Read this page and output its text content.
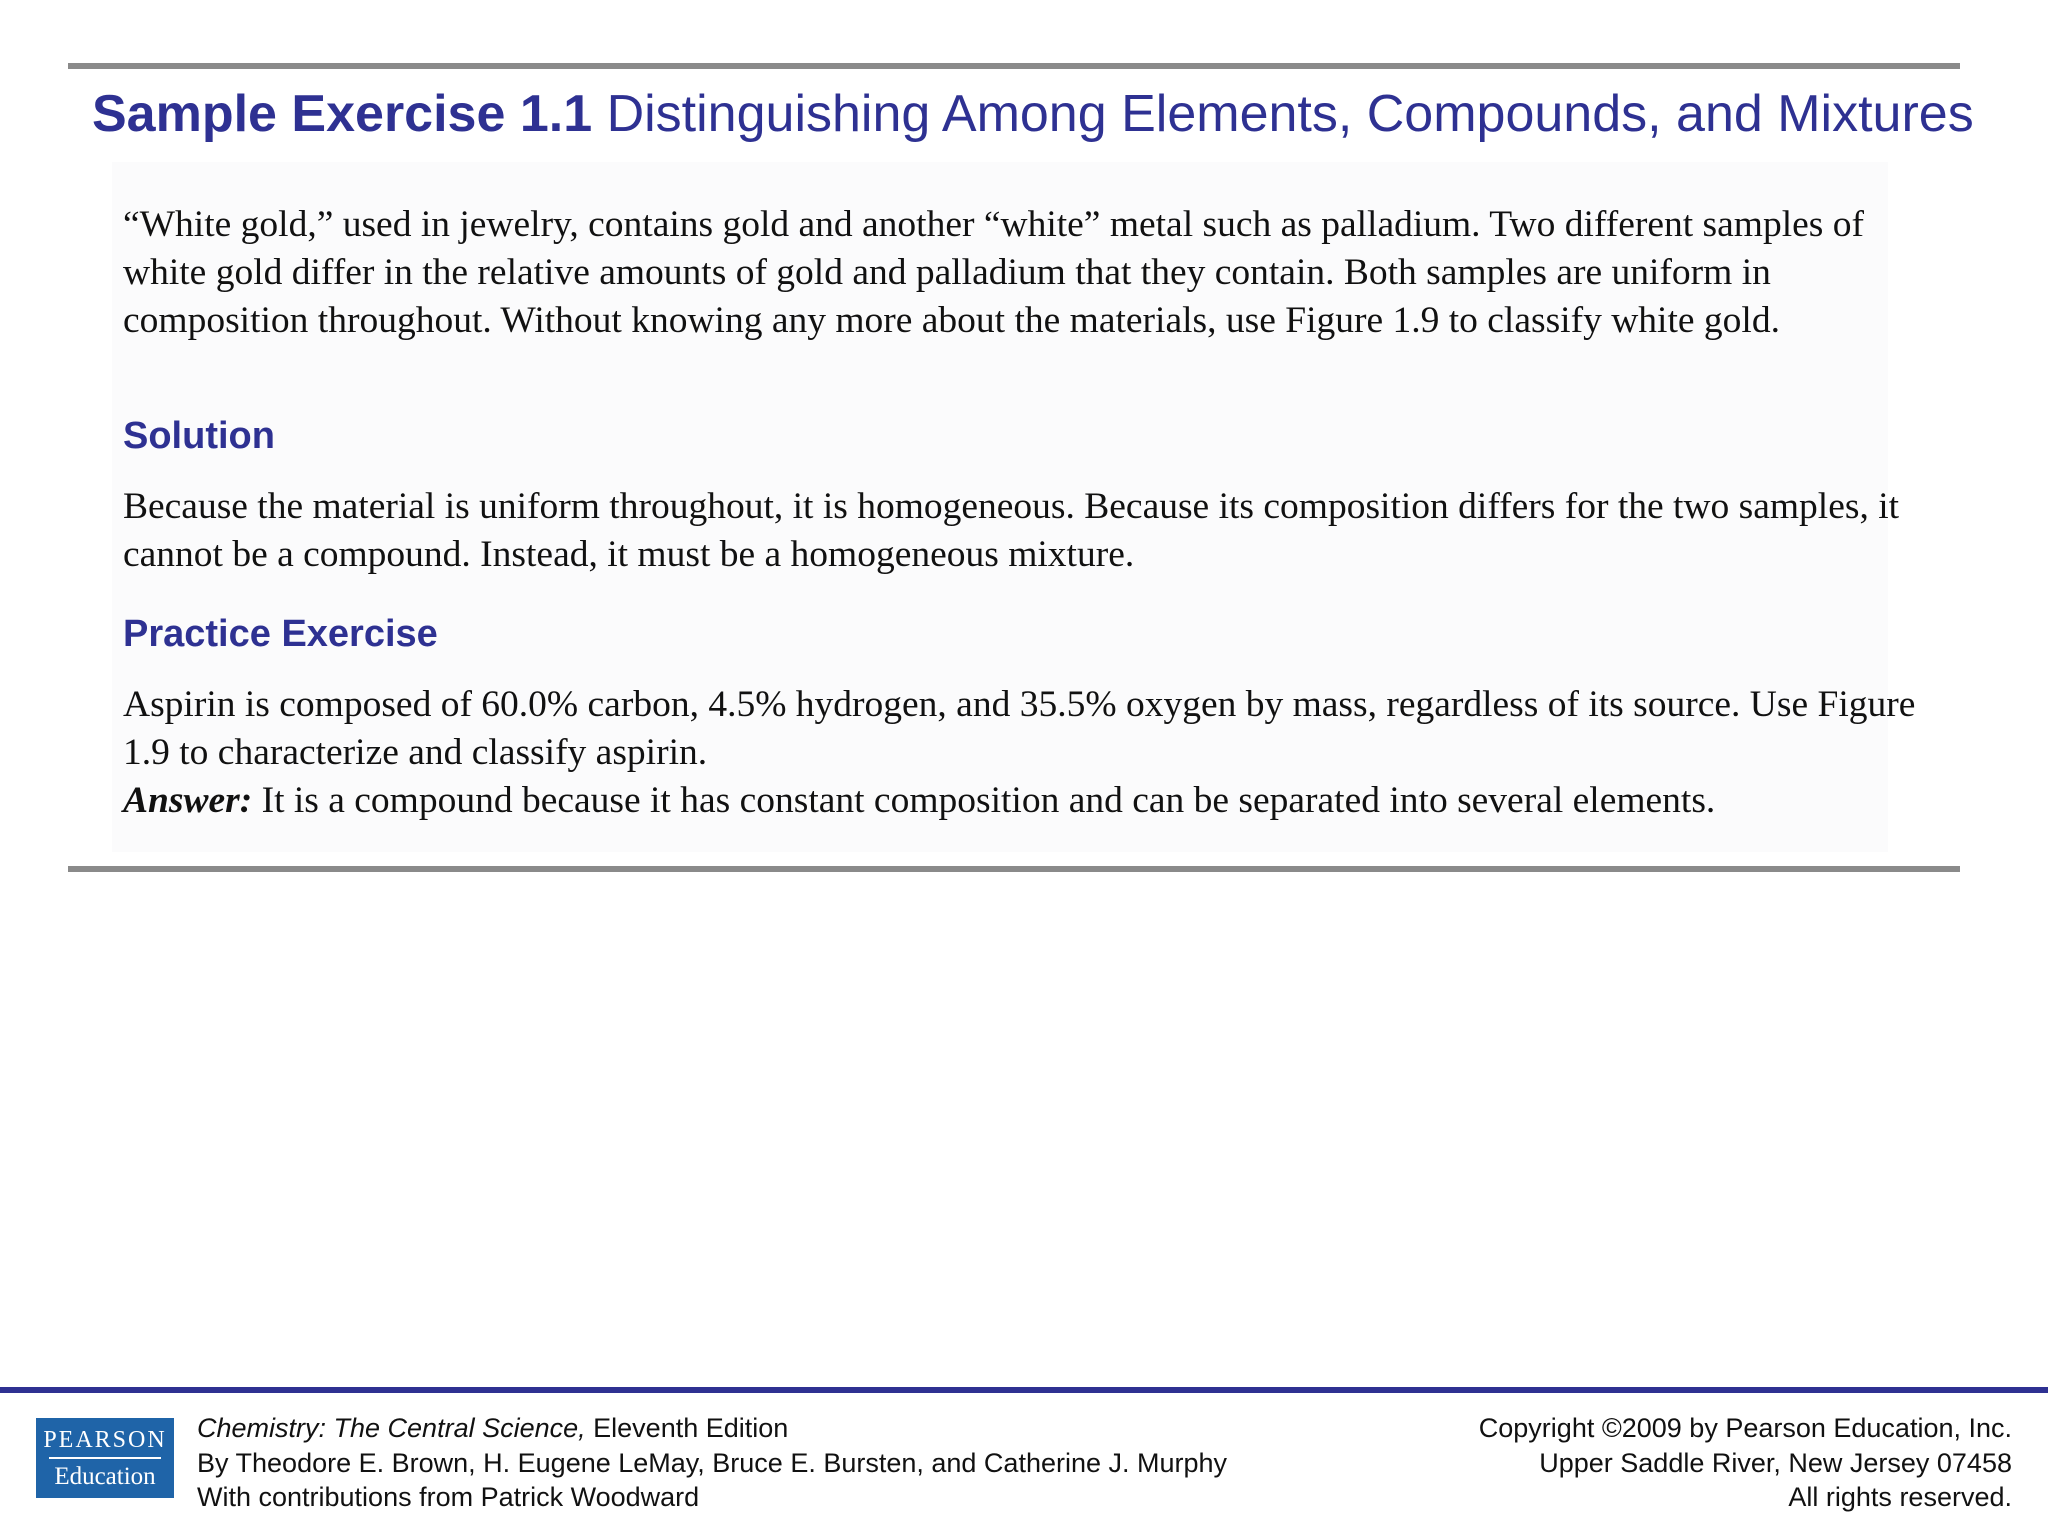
Sample Exercise 1.1 Distinguishing Among Elements, Compounds, and Mixtures

“White gold,” used in jewelry, contains gold and another “white” metal such as palladium. Two different samples of white gold differ in the relative amounts of gold and palladium that they contain. Both samples are uniform in composition throughout. Without knowing any more about the materials, use Figure 1.9 to classify white gold.

Solution

Because the material is uniform throughout, it is homogeneous. Because its composition differs for the two samples, it cannot be a compound. Instead, it must be a homogeneous mixture.

Practice Exercise

Aspirin is composed of 60.0% carbon, 4.5% hydrogen, and 35.5% oxygen by mass, regardless of its source. Use Figure 1.9 to characterize and classify aspirin.

Answer: It is a compound because it has constant composition and can be separated into several elements.

PEARSON
Education
Chemistry: The Central Science, Eleventh Edition
By Theodore E. Brown, H. Eugene LeMay, Bruce E. Bursten, and Catherine J. Murphy
With contributions from Patrick Woodward
Copyright ©2009 by Pearson Education, Inc.
Upper Saddle River, New Jersey 07458
All rights reserved.
